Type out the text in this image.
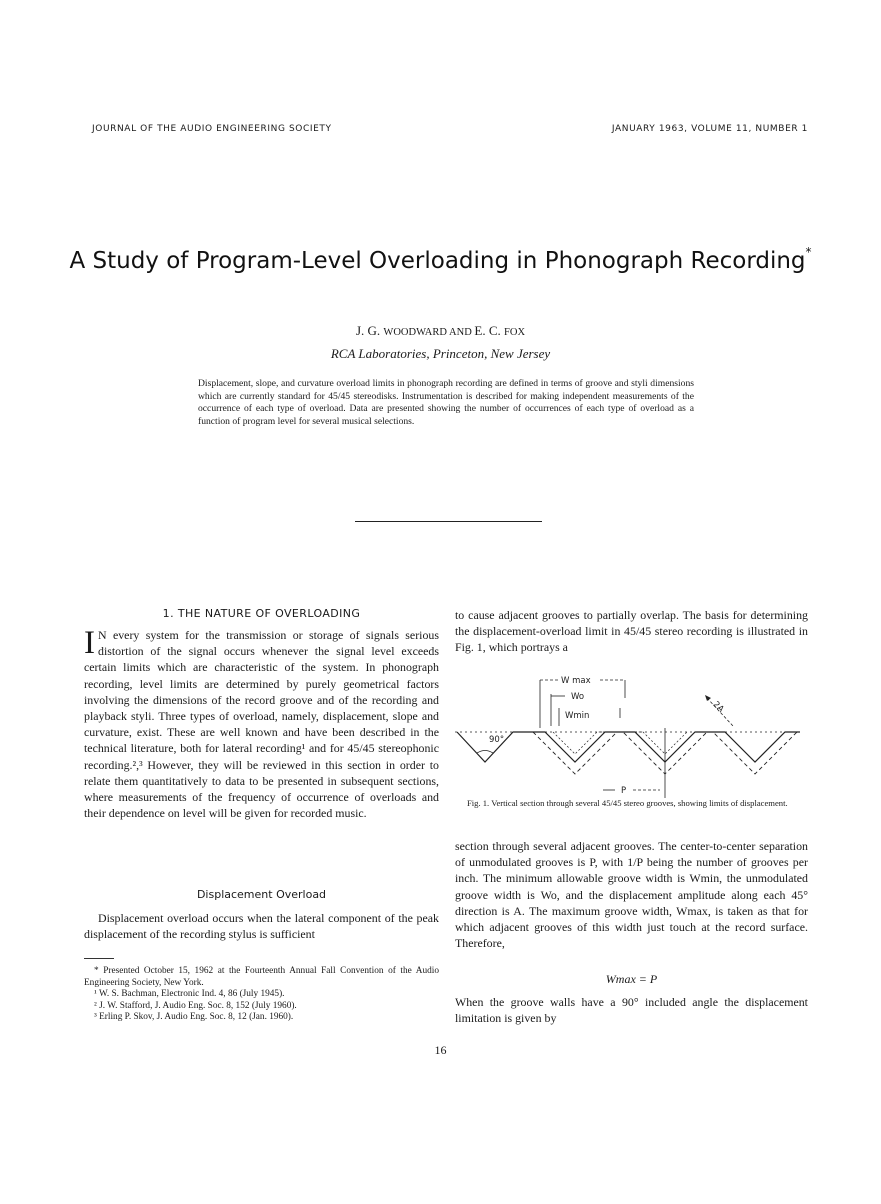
JOURNAL OF THE AUDIO ENGINEERING SOCIETY	JANUARY 1963, VOLUME 11, NUMBER 1
A Study of Program-Level Overloading in Phonograph Recording*
J. G. WOODWARD AND E. C. FOX
RCA Laboratories, Princeton, New Jersey
Displacement, slope, and curvature overload limits in phonograph recording are defined in terms of groove and styli dimensions which are currently standard for 45/45 stereodisks. Instrumentation is described for making independent measurements of the occurrence of each type of overload. Data are presented showing the number of occurrences of each type of overload as a function of program level for several musical selections.
1. THE NATURE OF OVERLOADING
I N every system for the transmission or storage of signals serious distortion of the signal occurs whenever the signal level exceeds certain limits which are characteristic of the system. In phonograph recording, level limits are determined by purely geometrical factors involving the dimensions of the record groove and of the recording and playback styli. Three types of overload, namely, displacement, slope and curvature, exist. These are well known and have been described in the technical literature, both for lateral recording¹ and for 45/45 stereophonic recording.²,³ However, they will be reviewed in this section in order to relate them quantitatively to data to be presented in subsequent sections, where measurements of the frequency of occurrence of overloads and their dependence on level will be given for recorded music.
Displacement Overload
Displacement overload occurs when the lateral component of the peak displacement of the recording stylus is sufficient

* Presented October 15, 1962 at the Fourteenth Annual Fall Convention of the Audio Engineering Society, New York.

¹ W. S. Bachman, Electronic Ind. 4, 86 (July 1945).

² J. W. Stafford, J. Audio Eng. Soc. 8, 152 (July 1960).

³ Erling P. Skov, J. Audio Eng. Soc. 8, 12 (Jan. 1960).

to cause adjacent grooves to partially overlap. The basis for determining the displacement-overload limit in 45/45 stereo recording is illustrated in Fig. 1, which portrays a
90°
W max
Wo
Wmin
2A
P
Fig. 1. Vertical section through several 45/45 stereo grooves, showing limits of displacement.
section through several adjacent grooves. The center-to-center separation of unmodulated grooves is P, with 1/P being the number of grooves per inch. The minimum allowable groove width is Wmin, the unmodulated groove width is Wo, and the displacement amplitude along each 45° direction is A. The maximum groove width, Wmax, is taken as that for which adjacent grooves of this width just touch at the record surface. Therefore,
Wmax = P
When the groove walls have a 90° included angle the displacement limitation is given by
16
